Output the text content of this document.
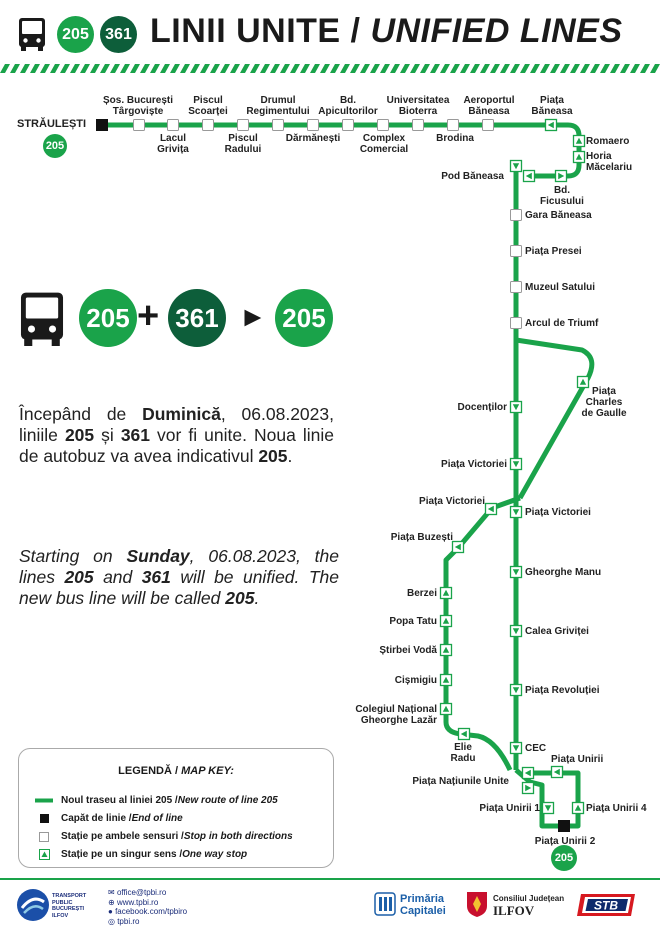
205	361 LINII UNITE / UNIFIED LINES
STRĂULEȘTI
205
205
Șos. București
Târgoviște
Piscul
Scoarței
Drumul
Regimentului
Bd.
Apicultorilor
Universitatea
Bioterra
Aeroportul
Băneasa
Piața
Băneasa
Lacul
Grivița
Piscul
Radului
Dărmănești	Complex
Comercial
Brodina	Romaero
Horia
Măcelariu
Pod Băneasa
Bd.
Ficusului
Gara Băneasa
Piața Presei
Muzeul Satului
Arcul de Triumf
Piața
Charles
de Gaulle
Docenților
Piața Victoriei
Piața Victoriei
Piața Victoriei
Piața Buzești
Gheorghe Manu
Berzei
Popa Tatu
Calea Griviței
Știrbei Vodă
Cișmigiu
Piața Revoluției
Colegiul Național
Gheorghe Lazăr
Elie
Radu
CEC
Piața Unirii
Piața Națiunile Unite
Piața Unirii 1	Piața Unirii 4
Piața Unirii 2
205 + 361 ► 205
Începând de Duminică, 06.08.2023, liniile 205 și 361 vor fi unite. Noua linie de autobuz va avea indicativul 205.
Starting on Sunday, 06.08.2023, the lines 205 and 361 will be unified. The new bus line will be called 205.
LEGENDĂ / MAP KEY:
Noul traseu al liniei 205 / New route of line 205
Capăt de linie / End of line
Stație pe ambele sensuri / Stop in both directions
Stație pe un singur sens / One way stop
TRANSPORT
PUBLIC
BUCUREȘTI
ILFOV
✉ office@tpbi.ro
⊕ www.tpbi.ro
● facebook.com/tpbiro
◎ tpbi.ro
Primăria
Capitalei
Consiliul Județean
ILFOV	STB
